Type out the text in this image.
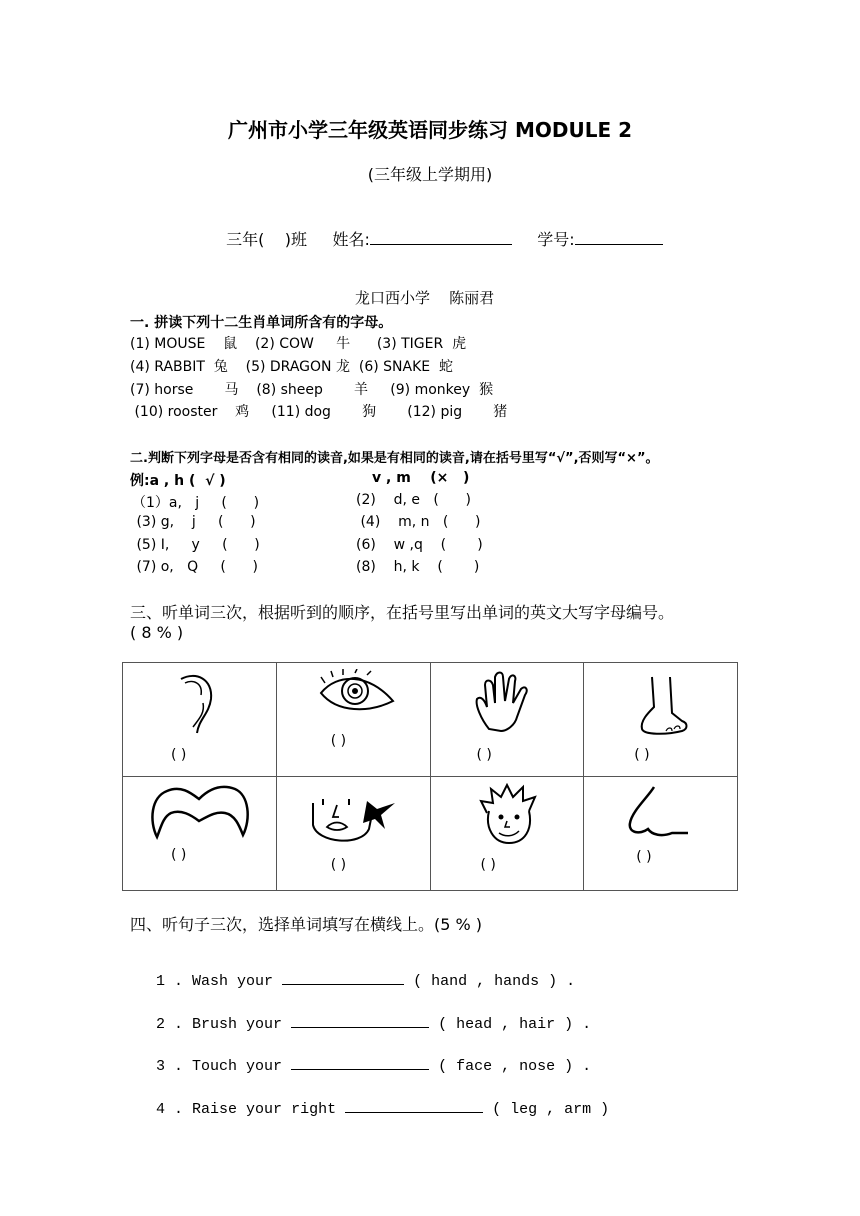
广州市小学三年级英语同步练习 MODULE 2
(三年级上学期用)

三年(    )班 姓名:	学号:

龙口西小学    陈丽君
一. 拼读下列十二生肖单词所含有的字母。
(1) MOUSE    鼠    (2) COW     牛      (3) TIGER  虎
(4) RABBIT  兔    (5) DRAGON 龙  (6) SNAKE  蛇
(7) horse       马    (8) sheep       羊     (9) monkey  猴
(10) rooster    鸡     (11) dog       狗       (12) pig       猪
二.判断下列字母是否含有相同的读音,如果是有相同的读音,请在括号里写“√”,否则写“×”。
例:a , h (  √ )	v , m    (×   )
（1）a,   j     (      )	(2)    d, e   (      )
(3) g,    j     (      )	(4)    m, n   (      )
(5) I,     y     (      )	(6)    w ,q    (       )
(7) o,   Q     (      )	(8)    h, k    (       )
三、听单词三次，根据听到的顺序，在括号里写出单词的英文大写字母编号。
( 8 % )
( )	( )	( )	( )

( )	( )	( )	( )
四、听句子三次，选择单词填写在横线上。(5 % )

1 . Wash your	( hand , hands ) .

2 . Brush your	( head , hair ) .

3 . Touch your	( face , nose ) .

4 . Raise your right	( leg , arm )
